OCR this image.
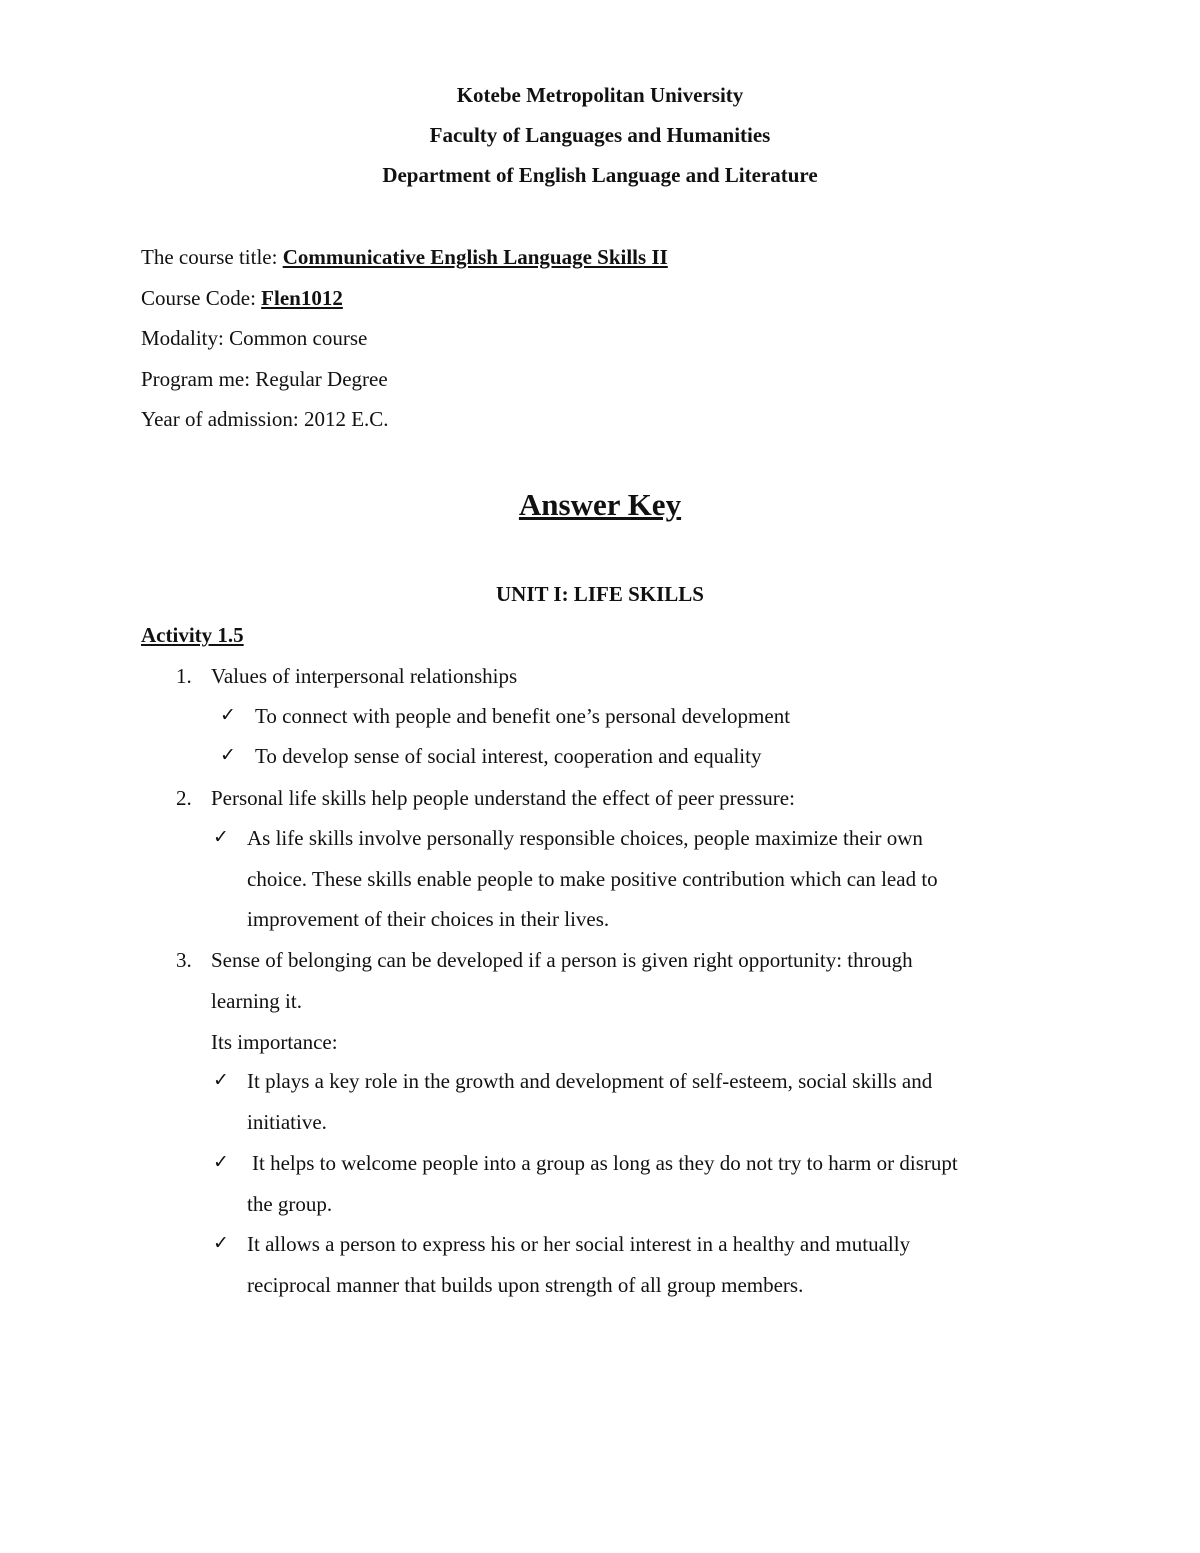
Kotebe Metropolitan University
Faculty of Languages and Humanities
Department of English Language and Literature
The course title: Communicative English Language Skills II
Course Code: Flen1012
Modality: Common course
Program me: Regular Degree
Year of admission: 2012 E.C.
Answer Key
UNIT I: LIFE SKILLS
Activity 1.5
1. Values of interpersonal relationships
✓ To connect with people and benefit one’s personal development
✓ To develop sense of social interest, cooperation and equality
2. Personal life skills help people understand the effect of peer pressure:
✓ As life skills involve personally responsible choices, people maximize their own
choice. These skills enable people to make positive contribution which can lead to
improvement of their choices in their lives.
3. Sense of belonging can be developed if a person is given right opportunity: through
learning it.
Its importance:
✓ It plays a key role in the growth and development of self-esteem, social skills and
initiative.
✓ It helps to welcome people into a group as long as they do not try to harm or disrupt
the group.
✓ It allows a person to express his or her social interest in a healthy and mutually
reciprocal manner that builds upon strength of all group members.
